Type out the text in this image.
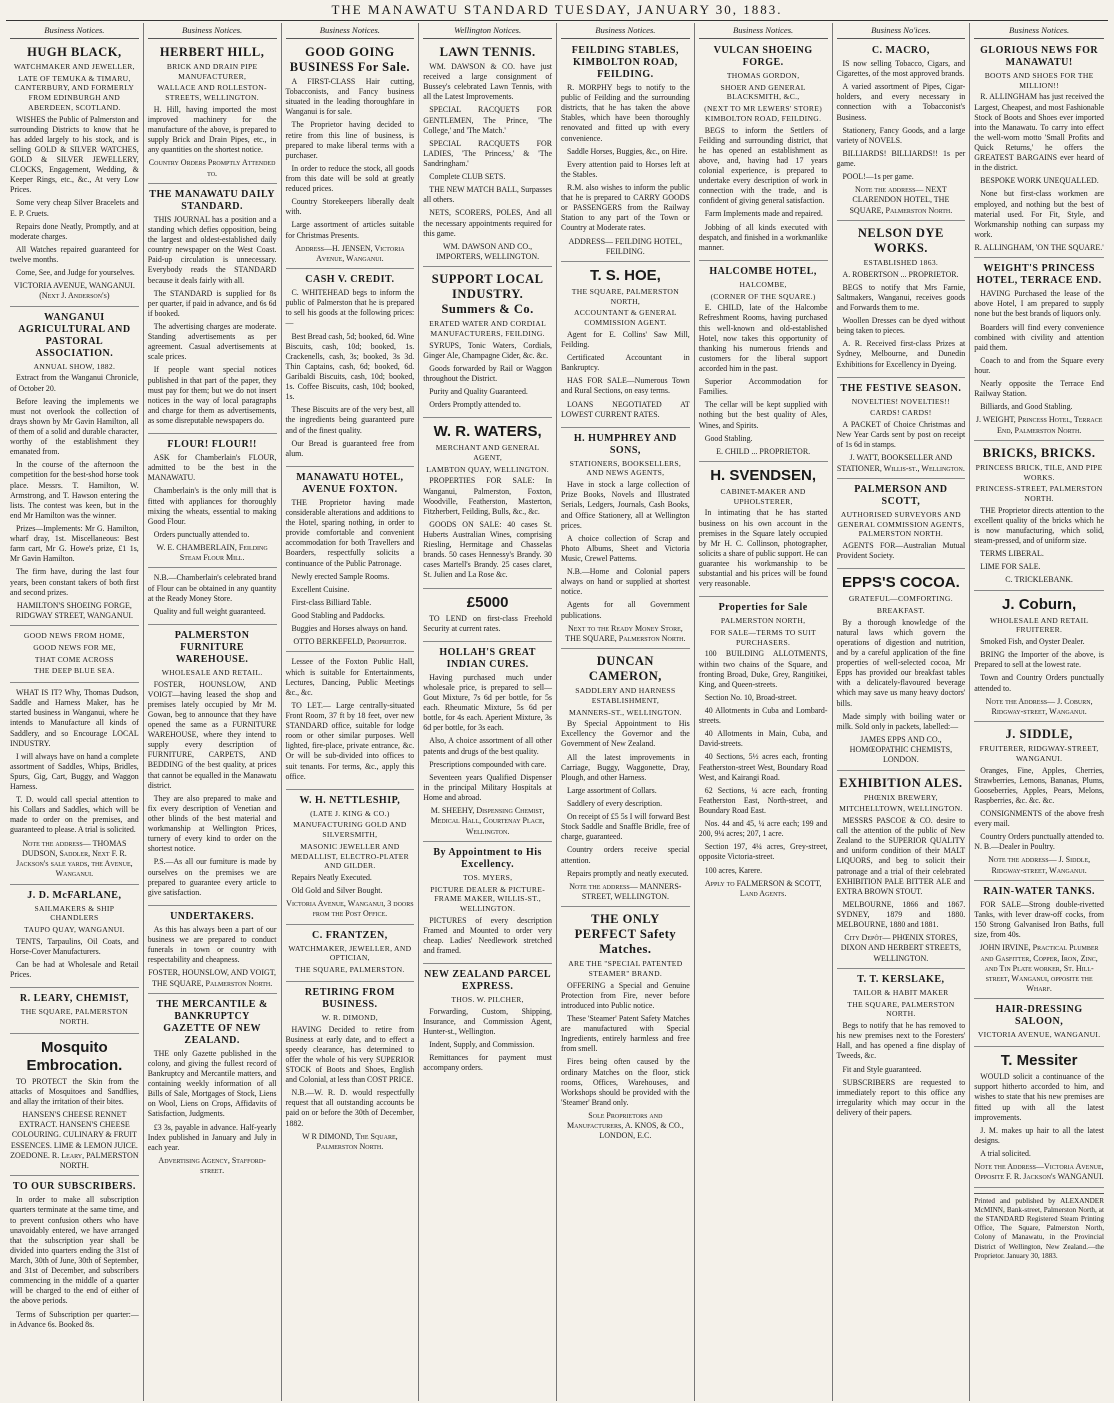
THE MANAWATU STANDARD TUESDAY, JANUARY 30, 1883.
Business Notices.
HUGH BLACK,
WATCHMAKER AND JEWELLER,
LATE OF TEMUKA & TIMARU, CANTERBURY, AND FORMERLY FROM EDINBURGH AND ABERDEEN, SCOTLAND.

WISHES the Public of Palmerston and surrounding Districts to know that he has added largely to his stock, and is selling GOLD & SILVER WATCHES, GOLD & SILVER JEWELLERY, CLOCKS, Engagement, Wedding, & Keeper Rings, etc., &c., At very Low Prices.

Some very cheap Silver Bracelets and E. P. Cruets.

Repairs done Neatly, Promptly, and at moderate charges.

All Watches repaired guaranteed for twelve months.

Come, See, and Judge for yourselves.

VICTORIA AVENUE, WANGANUI. (Next J. Anderson's)
WANGANUI AGRICULTURAL AND PASTORAL ASSOCIATION.
ANNUAL SHOW, 1882.

Extract from the Wanganui Chronicle, of October 20.

Before leaving the implements we must not overlook the collection of drays shown by Mr Gavin Hamilton, all of them of a solid and durable character, worthy of the establishment they emanated from.

In the course of the afternoon the competition for the best-shod horse took place. Messrs. T. Hamilton, W. Armstrong, and T. Hawson entering the lists. The contest was keen, but in the end Mr Hamilton was the winner.

Prizes—Implements: Mr G. Hamilton, wharf dray, 1st. Miscellaneous: Best farm cart, Mr G. Howe's prize, £1 1s, Mr Gavin Hamilton.

The firm have, during the last four years, been constant takers of both first and second prizes.

HAMILTON'S SHOEING FORGE, RIDGWAY STREET, WANGANUI.
GOOD NEWS FROM HOME,
GOOD NEWS FOR ME,
THAT COME ACROSS
THE DEEP BLUE SEA.

WHAT IS IT? Why, Thomas Dudson, Saddle and Harness Maker, has he started business in Wanganui, where he intends to Manufacture all kinds of Saddlery, and so Encourage LOCAL INDUSTRY.

I will always have on hand a complete assortment of Saddles, Whips, Bridles, Spurs, Gig, Cart, Buggy, and Waggon Harness.

T. D. would call special attention to his Collars and Saddles, which will be made to order on the premises, and guaranteed to please. A trial is solicited.

Note the address— THOMAS DUDSON, Saddler, Next F. R. Jackson's sale yards, the Avenue, Wanganui.
J. D. McFARLANE,
SAILMAKERS & SHIP CHANDLERS
TAUPO QUAY, WANGANUI.

TENTS, Tarpaulins, Oil Coats, and Horse-Cover Manufacturers.

Can be had at Wholesale and Retail Prices.

R. LEARY, CHEMIST,
THE SQUARE, PALMERSTON NORTH.
Mosquito Embrocation.

TO PROTECT the Skin from the attacks of Mosquitoes and Sandflies, and allay the irritation of their bites.

HANSEN'S CHEESE RENNET EXTRACT. HANSEN'S CHEESE COLOURING. CULINARY & FRUIT ESSENCES. LIME & LEMON JUICE. ZOEDONE. R. Leary, PALMERSTON NORTH.
TO OUR SUBSCRIBERS.

In order to make all subscription quarters terminate at the same time, and to prevent confusion others who have unavoidably entered, we have arranged that the subscription year shall be divided into quarters ending the 31st of March, 30th of June, 30th of September, and 31st of December, and subscribers commencing in the middle of a quarter will be charged to the end of either of the above periods.

Terms of Subscription per quarter:— in Advance 6s. Booked 8s.

Business Notices.
HERBERT HILL,
BRICK AND DRAIN PIPE MANUFACTURER,
WALLACE AND ROLLESTON-STREETS, WELLINGTON.

H. Hill, having imported the most improved machinery for the manufacture of the above, is prepared to supply Brick and Drain Pipes, etc., in any quantities on the shortest notice.

Country Orders Promptly Attended to.
THE MANAWATU DAILY STANDARD.

THIS JOURNAL has a position and a standing which defies opposition, being the largest and oldest-established daily country newspaper on the West Coast. Paid-up circulation is unnecessary. Everybody reads the STANDARD because it deals fairly with all.

The STANDARD is supplied for 8s per quarter, if paid in advance, and 6s 6d if booked.

The advertising charges are moderate. Standing advertisements as per agreement. Casual advertisements at scale prices.

If people want special notices published in that part of the paper, they must pay for them; but we do not insert notices in the way of local paragraphs and charge for them as advertisements, as some disreputable newspapers do.

FLOUR! FLOUR!!

ASK for Chamberlain's FLOUR, admitted to be the best in the MANAWATU.

Chamberlain's is the only mill that is fitted with appliances for thoroughly mixing the wheats, essential to making Good Flour.

Orders punctually attended to.

W. E. CHAMBERLAIN, Feilding Steam Flour Mill.

N.B.—Chamberlain's celebrated brand of Flour can be obtained in any quantity at the Ready Money Store.

Quality and full weight guaranteed.

PALMERSTON FURNITURE WAREHOUSE.
WHOLESALE AND RETAIL.

FOSTER, HOUNSLOW, AND VOIGT—having leased the shop and premises lately occupied by Mr M. Gowan, beg to announce that they have opened the same as a FURNITURE WAREHOUSE, where they intend to supply every description of FURNITURE, CARPETS, AND BEDDING of the best quality, at prices that cannot be equalled in the Manawatu district.

They are also prepared to make and fix every description of Venetian and other blinds of the best material and workmanship at Wellington Prices, turnery of every kind to order on the shortest notice.

P.S.—As all our furniture is made by ourselves on the premises we are prepared to guarantee every article to give satisfaction.

UNDERTAKERS.

As this has always been a part of our business we are prepared to conduct funerals in town or country with respectability and cheapness.

FOSTER, HOUNSLOW, AND VOIGT, THE SQUARE, Palmerston North.
THE MERCANTILE & BANKRUPTCY GAZETTE OF NEW ZEALAND.

THE only Gazette published in the colony, and giving the fullest record of Bankruptcy and Mercantile matters, and containing weekly information of all Bills of Sale, Mortgages of Stock, Liens on Wool, Liens on Crops, Affidavits of Satisfaction, Judgments.

£3 3s, payable in advance. Half-yearly Index published in January and July in each year.

Advertising Agency, Stafford-street.
Business Notices.
GOOD GOING BUSINESS For Sale.

A FIRST-CLASS Hair cutting, Tobacconists, and Fancy business situated in the leading thoroughfare in Wanganui is for sale.

The Proprietor having decided to retire from this line of business, is prepared to make liberal terms with a purchaser.

In order to reduce the stock, all goods from this date will be sold at greatly reduced prices.

Country Storekeepers liberally dealt with.

Large assortment of articles suitable for Christmas Presents.

Address—H. JENSEN, Victoria Avenue, Wanganui.
CASH V. CREDIT.

C. WHITEHEAD begs to inform the public of Palmerston that he is prepared to sell his goods at the following prices:—

Best Bread cash, 5d; booked, 6d. Wine Biscuits, cash, 10d; booked, 1s. Crackenells, cash, 3s; booked, 3s 3d. Thin Captains, cash, 6d; booked, 6d. Garibaldi Biscuits, cash, 10d; booked, 1s. Coffee Biscuits, cash, 10d; booked, 1s.

These Biscuits are of the very best, all the ingredients being guaranteed pure and of the finest quality.

Our Bread is guaranteed free from alum.

MANAWATU HOTEL, AVENUE FOXTON.

THE Proprietor having made considerable alterations and additions to the Hotel, sparing nothing, in order to provide comfortable and convenient accommodation for both Travellers and Boarders, respectfully solicits a continuance of the Public Patronage.

Newly erected Sample Rooms.

Excellent Cuisine.

First-class Billiard Table.

Good Stabling and Paddocks.

Buggies and Horses always on hand.

OTTO BERKEFELD, Proprietor.

Lessee of the Foxton Public Hall, which is suitable for Entertainments, Lectures, Dancing, Public Meetings &c., &c.

TO LET.— Large centrally-situated Front Room, 37 ft by 18 feet, over new STANDARD office, suitable for lodge room or other similar purposes. Well lighted, fire-place, private entrance, &c. Or will be sub-divided into offices to suit tenants. For terms, &c., apply this office.

W. H. NETTLESHIP,
(LATE J. KING & CO.)
MANUFACTURING GOLD AND SILVERSMITH,
MASONIC JEWELLER AND MEDALLIST, ELECTRO-PLATER AND GILDER.

Repairs Neatly Executed.

Old Gold and Silver Bought.

Victoria Avenue, Wanganui, 3 doors from the Post Office.
C. FRANTZEN,
WATCHMAKER, JEWELLER, AND OPTICIAN,
THE SQUARE, PALMERSTON.
RETIRING FROM BUSINESS.
W. R. DIMOND,

HAVING Decided to retire from Business at early date, and to effect a speedy clearance, has determined to offer the whole of his very SUPERIOR STOCK of Boots and Shoes, English and Colonial, at less than COST PRICE.

N.B.—W. R. D. would respectfully request that all outstanding accounts be paid on or before the 30th of December, 1882.

W R DIMOND, The Square, Palmerston North.
Wellington Notices.
LAWN TENNIS.

WM. DAWSON & CO. have just received a large consignment of Bussey's celebrated Lawn Tennis, with all the Latest Improvements.

SPECIAL RACQUETS FOR GENTLEMEN, The Prince, 'The College,' and 'The Match.'

SPECIAL RACQUETS FOR LADIES, 'The Princess,' & 'The Sandringham.'

Complete CLUB SETS.

THE NEW MATCH BALL, Surpasses all others.

NETS, SCORERS, POLES, And all the necessary appointments required for this game.

WM. DAWSON AND CO., IMPORTERS, WELLINGTON.
SUPPORT LOCAL INDUSTRY. Summers & Co.
ERATED WATER AND CORDIAL MANUFACTURERS, FEILDING.

SYRUPS, Tonic Waters, Cordials, Ginger Ale, Champagne Cider, &c. &c.

Goods forwarded by Rail or Waggon throughout the District.

Purity and Quality Guaranteed.

Orders Promptly attended to.

W. R. WATERS,
MERCHANT AND GENERAL AGENT,
LAMBTON QUAY, WELLINGTON.

PROPERTIES FOR SALE: In Wanganui, Palmerston, Foxton, Woodville, Featherston, Masterton, Fitzherbert, Feilding, Bulls, &c., &c.

GOODS ON SALE: 40 cases St. Huberts Australian Wines, comprising Riesling, Hermitage and Chasselas brands. 50 cases Hennessy's Brandy. 30 cases Martell's Brandy. 25 cases claret, St. Julien and La Rose &c.

£5000

TO LEND on first-class Freehold Security at current rates.

HOLLAH'S GREAT INDIAN CURES.

Having purchased much under wholesale price, is prepared to sell— Gout Mixture, 7s 6d per bottle, for 5s each. Rheumatic Mixture, 5s 6d per bottle, for 4s each. Aperient Mixture, 3s 6d per bottle, for 3s each.

Also, A choice assortment of all other patents and drugs of the best quality.

Prescriptions compounded with care.

Seventeen years Qualified Dispenser in the principal Military Hospitals at Home and abroad.

M. SHEEHY, Dispensing Chemist, Medical Hall, Courtenay Place, Wellington.
By Appointment to His Excellency.
TOS. MYERS,
PICTURE DEALER & PICTURE-FRAME MAKER, WILLIS-ST., WELLINGTON.

PICTURES of every description Framed and Mounted to order very cheap. Ladies' Needlework stretched and framed.

NEW ZEALAND PARCEL EXPRESS.
THOS. W. PILCHER,

Forwarding, Custom, Shipping, Insurance, and Commission Agent, Hunter-st., Wellington.

Indent, Supply, and Commission.

Remittances for payment must accompany orders.

Business Notices.
FEILDING STABLES, KIMBOLTON ROAD, FEILDING.

R. MORPHY begs to notify to the public of Feilding and the surrounding districts, that he has taken the above Stables, which have been thoroughly renovated and fitted up with every convenience.

Saddle Horses, Buggies, &c., on Hire.

Every attention paid to Horses left at the Stables.

R.M. also wishes to inform the public that he is prepared to CARRY GOODS or PASSENGERS from the Railway Station to any part of the Town or Country at Moderate rates.

ADDRESS— FEILDING HOTEL, FEILDING.
T. S. HOE,
THE SQUARE, PALMERSTON NORTH,
ACCOUNTANT & GENERAL COMMISSION AGENT.

Agent for E. Collins' Saw Mill, Feilding.

Certificated Accountant in Bankruptcy.

HAS FOR SALE—Numerous Town and Rural Sections, on easy terms.

LOANS NEGOTIATED AT LOWEST CURRENT RATES.

H. HUMPHREY AND SONS,
STATIONERS, BOOKSELLERS, AND NEWS AGENTS,

Have in stock a large collection of Prize Books, Novels and Illustrated Serials, Ledgers, Journals, Cash Books, and Office Stationery, all at Wellington prices.

A choice collection of Scrap and Photo Albums, Sheet and Victoria Music, Crewel Patterns.

N.B.—Home and Colonial papers always on hand or supplied at shortest notice.

Agents for all Government publications.

Next to the Ready Money Store, THE SQUARE, Palmerston North.
DUNCAN CAMERON,
SADDLERY AND HARNESS ESTABLISHMENT,
MANNERS-ST., WELLINGTON.

By Special Appointment to His Excellency the Governor and the Government of New Zealand.

All the latest improvements in Carriage, Buggy, Waggonette, Dray, Plough, and other Harness.

Large assortment of Collars.

Saddlery of every description.

On receipt of £5 5s I will forward Best Stock Saddle and Snaffle Bridle, free of charge, guaranteed.

Country orders receive special attention.

Repairs promptly and neatly executed.

Note the address— MANNERS-STREET, WELLINGTON.
THE ONLY PERFECT Safety Matches.
ARE THE "SPECIAL PATENTED STEAMER" BRAND.

OFFERING a Special and Genuine Protection from Fire, never before introduced into Public notice.

These 'Steamer' Patent Safety Matches are manufactured with Special Ingredients, entirely harmless and free from smell.

Fires being often caused by the ordinary Matches on the floor, stick rooms, Offices, Warehouses, and Workshops should be provided with the 'Steamer' Brand only.

Sole Proprietors and Manufacturers, A. KNOS, & CO., LONDON, E.C.
Business Notices.
VULCAN SHOEING FORGE.
THOMAS GORDON,
SHOER AND GENERAL BLACKSMITH, &C.,
(NEXT TO MR LEWERS' STORE) KIMBOLTON ROAD, FEILDING.

BEGS to inform the Settlers of Feilding and surrounding district, that he has opened an establishment as above, and, having had 17 years colonial experience, is prepared to undertake every description of work in connection with the trade, and is confident of giving general satisfaction.

Farm Implements made and repaired.

Jobbing of all kinds executed with despatch, and finished in a workmanlike manner.

HALCOMBE HOTEL,
HALCOMBE,
(CORNER OF THE SQUARE.)

E. CHILD, late of the Halcombe Refreshment Rooms, having purchased this well-known and old-established Hotel, now takes this opportunity of thanking his numerous friends and customers for the liberal support accorded him in the past.

Superior Accommodation for Families.

The cellar will be kept supplied with nothing but the best quality of Ales, Wines, and Spirits.

Good Stabling.

E. CHILD ... PROPRIETOR.
H. SVENDSEN,
CABINET-MAKER AND UPHOLSTERER,

In intimating that he has started business on his own account in the premises in the Square lately occupied by Mr H. C. Collinson, photographer, solicits a share of public support. He can guarantee his workmanship to be substantial and his prices will be found very reasonable.

Properties for Sale
PALMERSTON NORTH,
FOR SALE—TERMS TO SUIT PURCHASERS.

100 BUILDING ALLOTMENTS, within two chains of the Square, and fronting Broad, Duke, Grey, Rangitikei, King, and Queen-streets.

Section No. 10, Broad-street.

40 Allotments in Cuba and Lombard-streets.

40 Allotments in Main, Cuba, and David-streets.

40 Sections, 5½ acres each, fronting Featherston-street West, Boundary Road West, and Kairangi Road.

62 Sections, ¼ acre each, fronting Featherston East, North-street, and Boundary Road East.

Nos. 44 and 45, ¼ acre each; 199 and 200, 9¼ acres; 207, 1 acre.

Section 197, 4¼ acres, Grey-street, opposite Victoria-street.

100 acres, Karere.

Apply to FALMERSON & SCOTT, Land Agents.
Business No'ices.
C. MACRO,

IS now selling Tobacco, Cigars, and Cigarettes, of the most approved brands.

A varied assortment of Pipes, Cigar-holders, and every necessary in connection with a Tobacconist's Business.

Stationery, Fancy Goods, and a large variety of NOVELS.

BILLIARDS! BILLIARDS!! 1s per game.

POOL!—1s per game.

Note the address— NEXT CLARENDON HOTEL, THE SQUARE, Palmerston North.
NELSON DYE WORKS.
ESTABLISHED 1863.

A. ROBERTSON ... PROPRIETOR.

BEGS to notify that Mrs Farnie, Saltmakers, Wanganui, receives goods and Forwards them to me.

Woollen Dresses can be dyed without being taken to pieces.

A. R. Received first-class Prizes at Sydney, Melbourne, and Dunedin Exhibitions for Excellency in Dyeing.

THE FESTIVE SEASON.
NOVELTIES! NOVELTIES!!
CARDS! CARDS!

A PACKET of Choice Christmas and New Year Cards sent by post on receipt of 1s 6d in stamps.

J. WATT, BOOKSELLER AND STATIONER, Willis-st., Wellington.
PALMERSON AND SCOTT,
AUTHORISED SURVEYORS AND GENERAL COMMISSION AGENTS, PALMERSTON NORTH.

AGENTS FOR—Australian Mutual Provident Society.

EPPS'S COCOA.
GRATEFUL—COMFORTING.
BREAKFAST.

By a thorough knowledge of the natural laws which govern the operations of digestion and nutrition, and by a careful application of the fine properties of well-selected cocoa, Mr Epps has provided our breakfast tables with a delicately-flavoured beverage which may save us many heavy doctors' bills.

Made simply with boiling water or milk. Sold only in packets, labelled:—

JAMES EPPS AND CO., HOMŒOPATHIC CHEMISTS, LONDON.
EXHIBITION ALES.
PHŒNIX BREWERY,
MITCHELLTOWN, WELLINGTON.

MESSRS PASCOE & CO. desire to call the attention of the public of New Zealand to the SUPERIOR QUALITY and uniform condition of their MALT LIQUORS, and beg to solicit their patronage and a trial of their celebrated EXHIBITION PALE BITTER ALE and EXTRA BROWN STOUT.

MELBOURNE, 1866 and 1867. SYDNEY, 1879 and 1880. MELBOURNE, 1880 and 1881.

City Depôt— PHŒNIX STORES, DIXON AND HERBERT STREETS, WELLINGTON.
T. T. KERSLAKE,
TAILOR & HABIT MAKER
THE SQUARE, PALMERSTON NORTH.

Begs to notify that he has removed to his new premises next to the Foresters' Hall, and has opened a fine display of Tweeds, &c.

Fit and Style guaranteed.

SUBSCRIBERS are requested to immediately report to this office any irregularity which may occur in the delivery of their papers.

Business Notices.
GLORIOUS NEWS FOR MANAWATU!
BOOTS AND SHOES FOR THE MILLION!!

R. ALLINGHAM has just received the Largest, Cheapest, and most Fashionable Stock of Boots and Shoes ever imported into the Manawatu. To carry into effect the well-worn motto 'Small Profits and Quick Returns,' he offers the GREATEST BARGAINS ever heard of in the district.

BESPOKE WORK UNEQUALLED.

None but first-class workmen are employed, and nothing but the best of material used. For Fit, Style, and Workmanship nothing can surpass my work.

R. ALLINGHAM, 'ON THE SQUARE.'
WEIGHT'S PRINCESS HOTEL, TERRACE END.

HAVING Purchased the lease of the above Hotel, I am prepared to supply none but the best brands of liquors only.

Boarders will find every convenience combined with civility and attention paid them.

Coach to and from the Square every hour.

Nearly opposite the Terrace End Railway Station.

Billiards, and Good Stabling.

J. WEIGHT, Princess Hotel, Terrace End, Palmerston North.
BRICKS, BRICKS.
PRINCESS BRICK, TILE, AND PIPE WORKS.
PRINCESS-STREET, PALMERSTON NORTH.

THE Proprietor directs attention to the excellent quality of the bricks which he is now manufacturing, which solid, steam-pressed, and of uniform size.

TERMS LIBERAL.

LIME FOR SALE.

C. TRICKLEBANK.
J. Coburn,
WHOLESALE AND RETAIL FRUITERER.

Smoked Fish, and Oyster Dealer.

BRING the Importer of the above, is Prepared to sell at the lowest rate.

Town and Country Orders punctually attended to.

Note the Address— J. Coburn, Ridgway-street, Wanganui.
J. SIDDLE,
FRUITERER, RIDGWAY-STREET, WANGANUI.

Oranges, Fine, Apples, Cherries, Strawberries, Lemons, Bananas, Plums, Gooseberries, Apples, Pears, Melons, Raspberries, &c. &c. &c.

CONSIGNMENTS of the above fresh every mail.

Country Orders punctually attended to. N. B.—Dealer in Poultry.

Note the address— J. Siddle, Ridgway-street, Wanganui.
RAIN-WATER TANKS.

FOR SALE—Strong double-rivetted Tanks, with lever draw-off cocks, from 150 Strong Galvanised Iron Baths, full size, from 40s.

JOHN IRVINE, Practical Plumber and Gasfitter, Copper, Iron, Zinc, and Tin Plate worker, St. Hill-street, Wanganui, opposite the Wharf.
HAIR-DRESSING SALOON,
VICTORIA AVENUE, WANGANUI.
T. Messiter

WOULD solicit a continuance of the support hitherto accorded to him, and wishes to state that his new premises are fitted up with all the latest improvements.

J. M. makes up hair to all the latest designs.

A trial solicited.

Note the Address—Victoria Avenue, Opposite F. R. Jackson's WANGANUI.
Printed and published by ALEXANDER McMINN, Bank-street, Palmerston North, at the STANDARD Registered Steam Printing Office, The Square, Palmerston North, Colony of Manawatu, in the Provincial District of Wellington, New Zealand.—the Proprietor. January 30, 1883.
